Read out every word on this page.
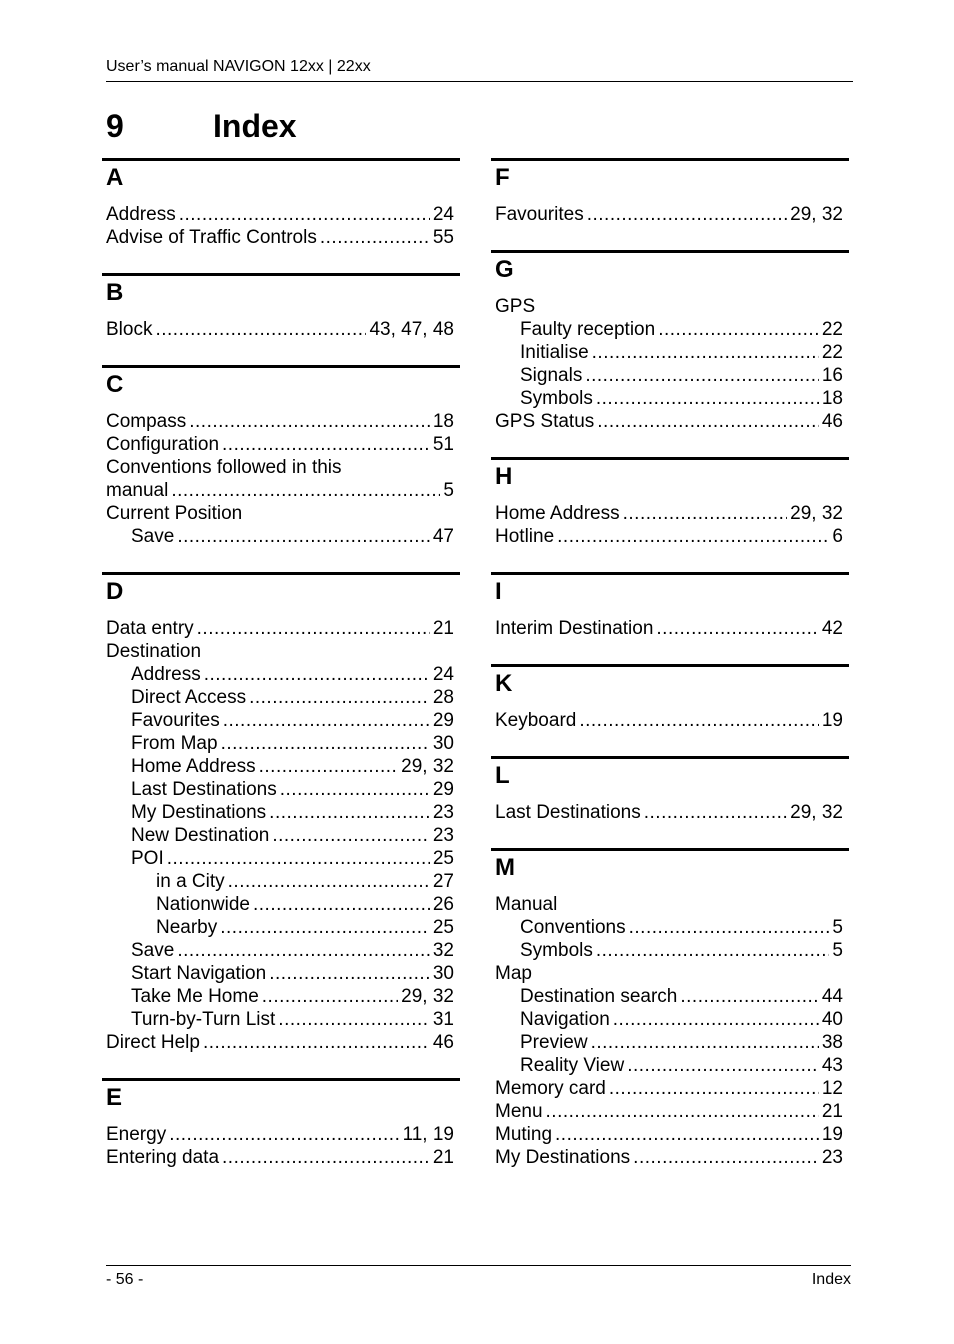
User’s manual NAVIGON 12xx | 22xx
9	Index
A
Address .....	24
Advise of Traffic Controls .....	55
B
Block .....	43, 47, 48
C
Compass .....	18
Configuration .....	51
Conventions followed in this
manual .....	5
Current Position
Save .....	47
D
Data entry .....	21
Destination
Address .....	24
Direct Access .....	28
Favourites .....	29
From Map .....	30
Home Address .....	29, 32
Last Destinations .....	29
My Destinations .....	23
New Destination .....	23
POI .....	25
in a City .....	27
Nationwide .....	26
Nearby .....	25
Save .....	32
Start Navigation .....	30
Take Me Home .....	29, 32
Turn-by-Turn List .....	31
Direct Help .....	46
E
Energy .....	11, 19
Entering data .....	21
F
Favourites .....	29, 32
G
GPS
Faulty reception .....	22
Initialise .....	22
Signals .....	16
Symbols .....	18
GPS Status .....	46
H
Home Address .....	29, 32
Hotline .....	6
I
Interim Destination .....	42
K
Keyboard .....	19
L
Last Destinations .....	29, 32
M
Manual
Conventions .....	5
Symbols .....	5
Map
Destination search .....	44
Navigation .....	40
Preview .....	38
Reality View .....	43
Memory card .....	12
Menu .....	21
Muting .....	19
My Destinations .....	23
- 56 -	Index
